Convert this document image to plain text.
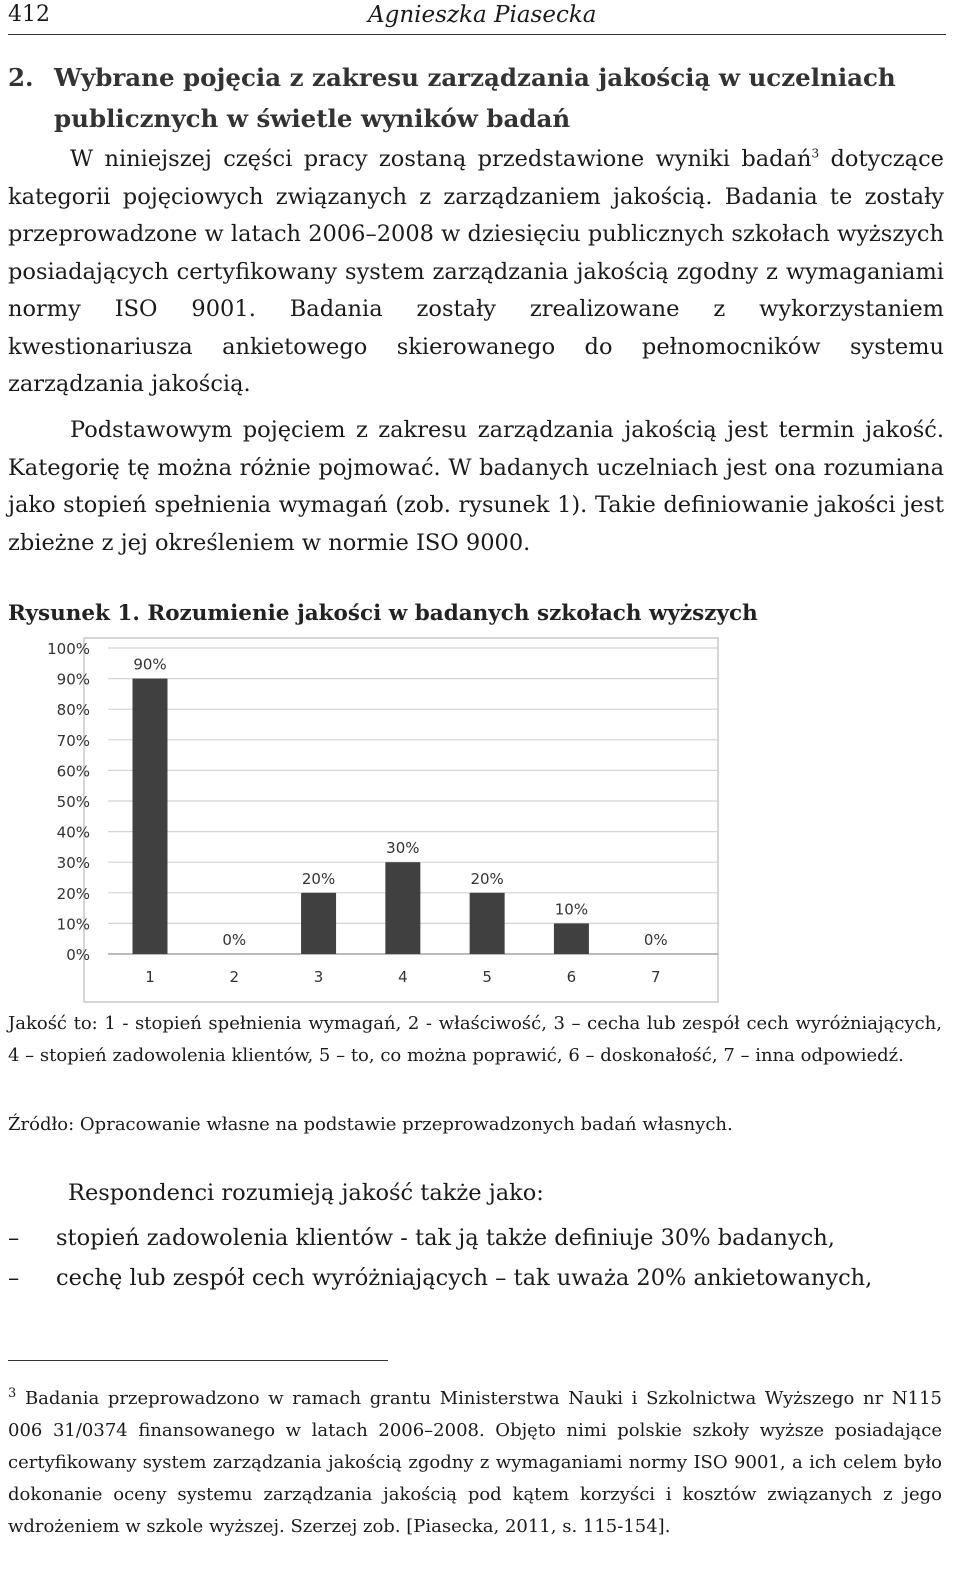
412	Agnieszka Piasecka
2. Wybrane pojęcia z zakresu zarządzania jakością w uczelniach
publicznych w świetle wyników badań
W niniejszej części pracy zostaną przedstawione wyniki badań$^3$ dotyczące kategorii pojęciowych związanych z zarządzaniem jakością. Badania te zostały przeprowadzone w latach 2006–2008 w dziesięciu publicznych szkołach wyższych posiadających certyfikowany system zarządzania jakością zgodny z wymaganiami normy ISO 9001. Badania zostały zrealizowane z wykorzystaniem kwestionariusza ankietowego skierowanego do pełnomocników systemu zarządzania jakością.
Podstawowym pojęciem z zakresu zarządzania jakością jest termin jakość. Kategorię tę można różnie pojmować. W badanych uczelniach jest ona rozumiana jako stopień spełnienia wymagań (zob. rysunek 1). Takie definiowanie jakości jest zbieżne z jej określeniem w normie ISO 9000.
Rysunek 1. Rozumienie jakości w badanych szkołach wyższych
0%
10%
20%
30%
40%
50%
60%
70%
80%
90%
100%
90%
0%
20%
30%
20%
10%
0%
1	2	3	4	5	6	7
Jakość to: 1 - stopień spełnienia wymagań, 2 - właściwość, 3 – cecha lub zespół cech wyróżniających, 4 – stopień zadowolenia klientów, 5 – to, co można poprawić, 6 – doskonałość, 7 – inna odpowiedź.
Źródło: Opracowanie własne na podstawie przeprowadzonych badań własnych.
Respondenci rozumieją jakość także jako:
–	stopień zadowolenia klientów - tak ją także definiuje 30% badanych,
–	cechę lub zespół cech wyróżniających – tak uważa 20% ankietowanych,
$^3$ Badania przeprowadzono w ramach grantu Ministerstwa Nauki i Szkolnictwa Wyższego nr N115 006 31/0374 finansowanego w latach 2006–2008. Objęto nimi polskie szkoły wyższe posiadające certyfikowany system zarządzania jakością zgodny z wymaganiami normy ISO 9001, a ich celem było dokonanie oceny systemu zarządzania jakością pod kątem korzyści i kosztów związanych z jego wdrożeniem w szkole wyższej. Szerzej zob. [Piasecka, 2011, s. 115-154].
